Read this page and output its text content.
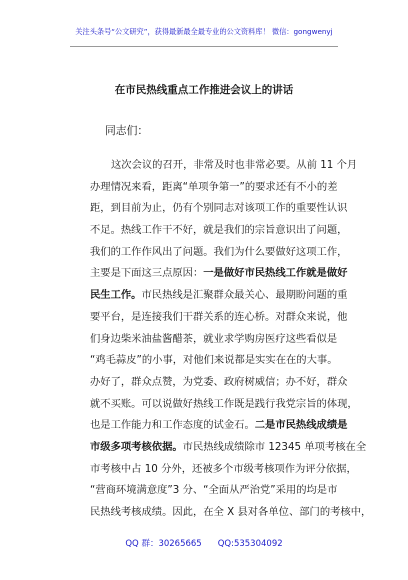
关注头条号“公文研究”，获得最新最全最专业的公文资料库！ 微信：gongwenyj
在市民热线重点工作推进会议上的讲话
同志们：
这次会议的召开，非常及时也非常必要。从前 11 个月
办理情况来看，距离“单项争第一”的要求还有不小的差
距，到目前为止，仍有个别同志对该项工作的重要性认识
不足。热线工作干不好，就是我们的宗旨意识出了问题，
我们的工作作风出了问题。我们为什么要做好这项工作，
主要是下面这三点原因：一是做好市民热线工作就是做好
民生工作。市民热线是汇聚群众最关心、最期盼问题的重
要平台，是连接我们干群关系的连心桥。对群众来说，他
们身边柴米油盐酱醋茶，就业求学购房医疗这些看似是
“鸡毛蒜皮”的小事，对他们来说都是实实在在的大事。
办好了，群众点赞，为党委、政府树威信；办不好，群众
就不买账。可以说做好热线工作既是践行我党宗旨的体现，
也是工作能力和工作态度的试金石。二是市民热线成绩是
市级多项考核依据。市民热线成绩除市 12345 单项考核在全
市考核中占 10 分外，还被多个市级考核项作为评分依据，
“营商环境满意度”3 分、“全面从严治党”采用的均是市
民热线考核成绩。因此，在全 X 县对各单位、部门的考核中，
QQ 群：30265665 QQ:535304092
